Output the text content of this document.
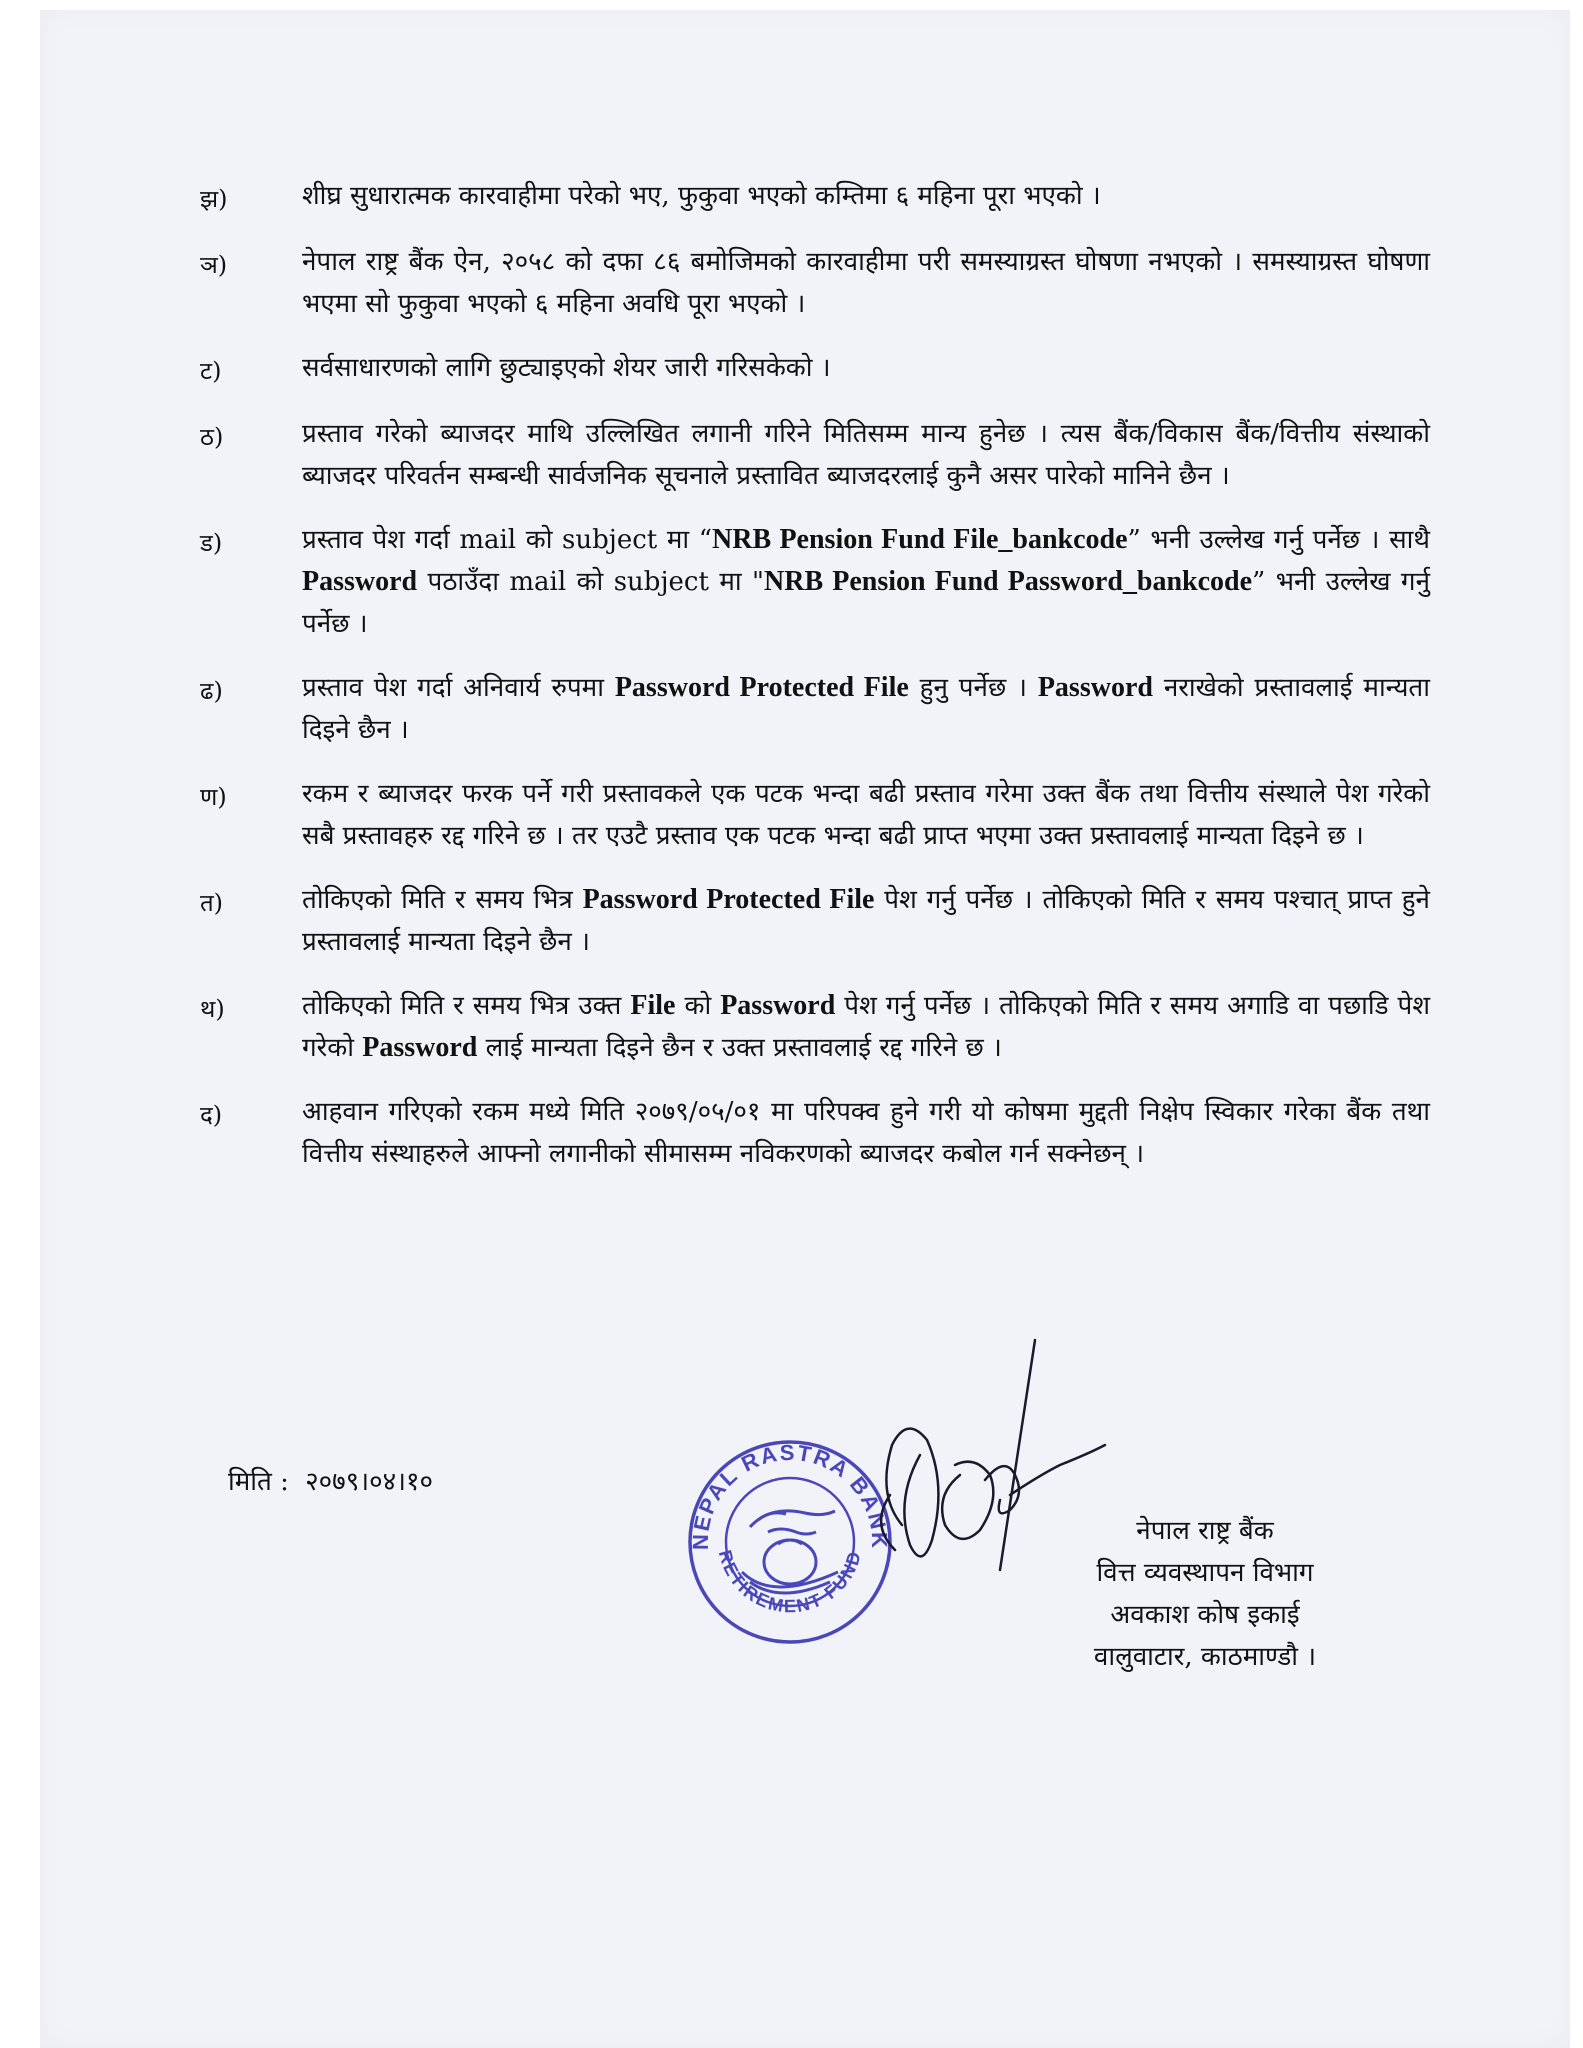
झ)	शीघ्र सुधारात्मक कारवाहीमा परेको भए, फुकुवा भएको कम्तिमा ६ महिना पूरा भएको ।
ञ)	नेपाल राष्ट्र बैंक ऐन, २०५८ को दफा ८६ बमोजिमको कारवाहीमा परी समस्याग्रस्त घोषणा नभएको । समस्याग्रस्त घोषणा भएमा सो फुकुवा भएको ६ महिना अवधि पूरा भएको ।
ट)	सर्वसाधारणको लागि छुट्याइएको शेयर जारी गरिसकेको ।
ठ)	प्रस्ताव गरेको ब्याजदर माथि उल्लिखित लगानी गरिने मितिसम्म मान्य हुनेछ । त्यस बैंक/विकास बैंक/वित्तीय संस्थाको ब्याजदर परिवर्तन सम्बन्धी सार्वजनिक सूचनाले प्रस्तावित ब्याजदरलाई कुनै असर पारेको मानिने छैन ।
ड)	प्रस्ताव पेश गर्दा mail को subject मा “NRB Pension Fund File_bankcode” भनी उल्लेख गर्नु पर्नेछ । साथै Password पठाउँदा mail को subject मा "NRB Pension Fund Password_bankcode” भनी उल्लेख गर्नु पर्नेछ ।
ढ)	प्रस्ताव पेश गर्दा अनिवार्य रुपमा Password Protected File हुनु पर्नेछ । Password नराखेको प्रस्तावलाई मान्यता दिइने छैन ।
ण)	रकम र ब्याजदर फरक पर्ने गरी प्रस्तावकले एक पटक भन्दा बढी प्रस्ताव गरेमा उक्त बैंक तथा वित्तीय संस्थाले पेश गरेको सबै प्रस्तावहरु रद्द गरिने छ । तर एउटै प्रस्ताव एक पटक भन्दा बढी प्राप्त भएमा उक्त प्रस्तावलाई मान्यता दिइने छ ।
त)	तोकिएको मिति र समय भित्र Password Protected File पेश गर्नु पर्नेछ । तोकिएको मिति र समय पश्चात् प्राप्त हुने प्रस्तावलाई मान्यता दिइने छैन ।
थ)	तोकिएको मिति र समय भित्र उक्त File को Password पेश गर्नु पर्नेछ । तोकिएको मिति र समय अगाडि वा पछाडि पेश गरेको Password लाई मान्यता दिइने छैन र उक्त प्रस्तावलाई रद्द गरिने छ ।
द)	आहवान गरिएको रकम मध्ये मिति २०७९/०५/०१ मा परिपक्व हुने गरी यो कोषमा मुद्दती निक्षेप स्विकार गरेका बैंक तथा वित्तीय संस्थाहरुले आफ्नो लगानीको सीमासम्म नविकरणको ब्याजदर कबोल गर्न सक्नेछन् ।
मिति : २०७९।०४।१०
NEPAL RASTRA BANK
RETIREMENT FUND
नेपाल राष्ट्र बैंक
वित्त व्यवस्थापन विभाग
अवकाश कोष इकाई
वालुवाटार, काठमाण्डौ ।
